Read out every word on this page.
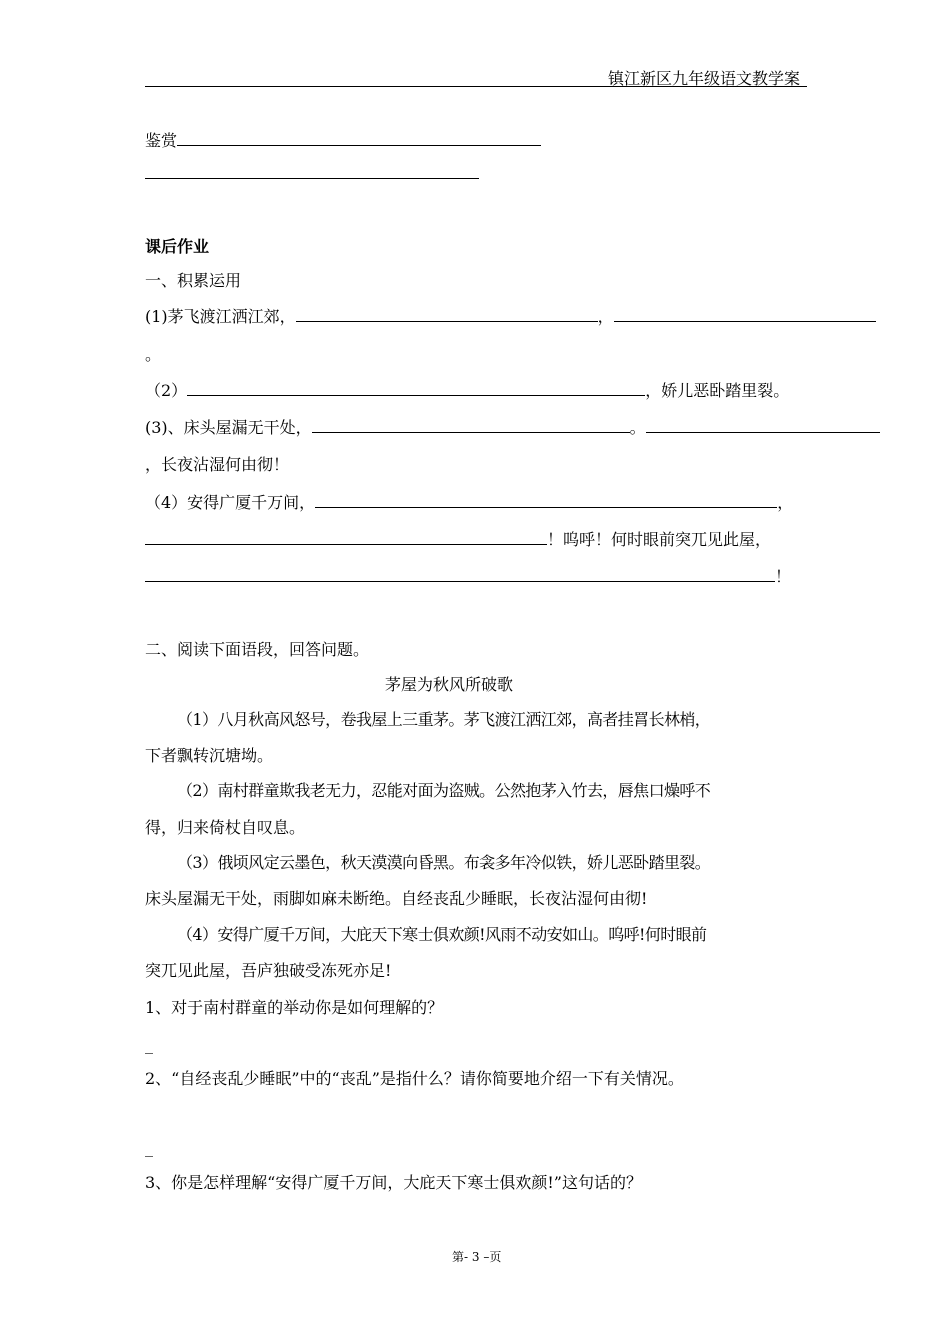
镇江新区九年级语文教学案
鉴赏
课后作业
一、积累运用
(1)茅飞渡江洒江郊，	，
。
（2）	，娇儿恶卧踏里裂。
(3)、床头屋漏无干处，	。
，长夜沾湿何由彻！
（4）安得广厦千万间，	，
！呜呼！何时眼前突兀见此屋，
！
二、阅读下面语段，回答问题。
茅屋为秋风所破歌
（1）八月秋高风怒号，卷我屋上三重茅。茅飞渡江洒江郊，高者挂罥长林梢，
下者飘转沉塘坳。
（2）南村群童欺我老无力，忍能对面为盗贼。公然抱茅入竹去，唇焦口燥呼不
得，归来倚杖自叹息。
（3）俄顷风定云墨色，秋天漠漠向昏黑。布衾多年冷似铁，娇儿恶卧踏里裂。
床头屋漏无干处，雨脚如麻未断绝。自经丧乱少睡眠，长夜沾湿何由彻!
（4）安得广厦千万间，大庇天下寒士俱欢颜!风雨不动安如山。呜呼!何时眼前
突兀见此屋，吾庐独破受冻死亦足!
1、对于南村群童的举动你是如何理解的？
_
2、“自经丧乱少睡眠”中的“丧乱”是指什么？请你简要地介绍一下有关情况。
_
3、你是怎样理解“安得广厦千万间，大庇天下寒士俱欢颜!”这句话的？
第- 3 –页
